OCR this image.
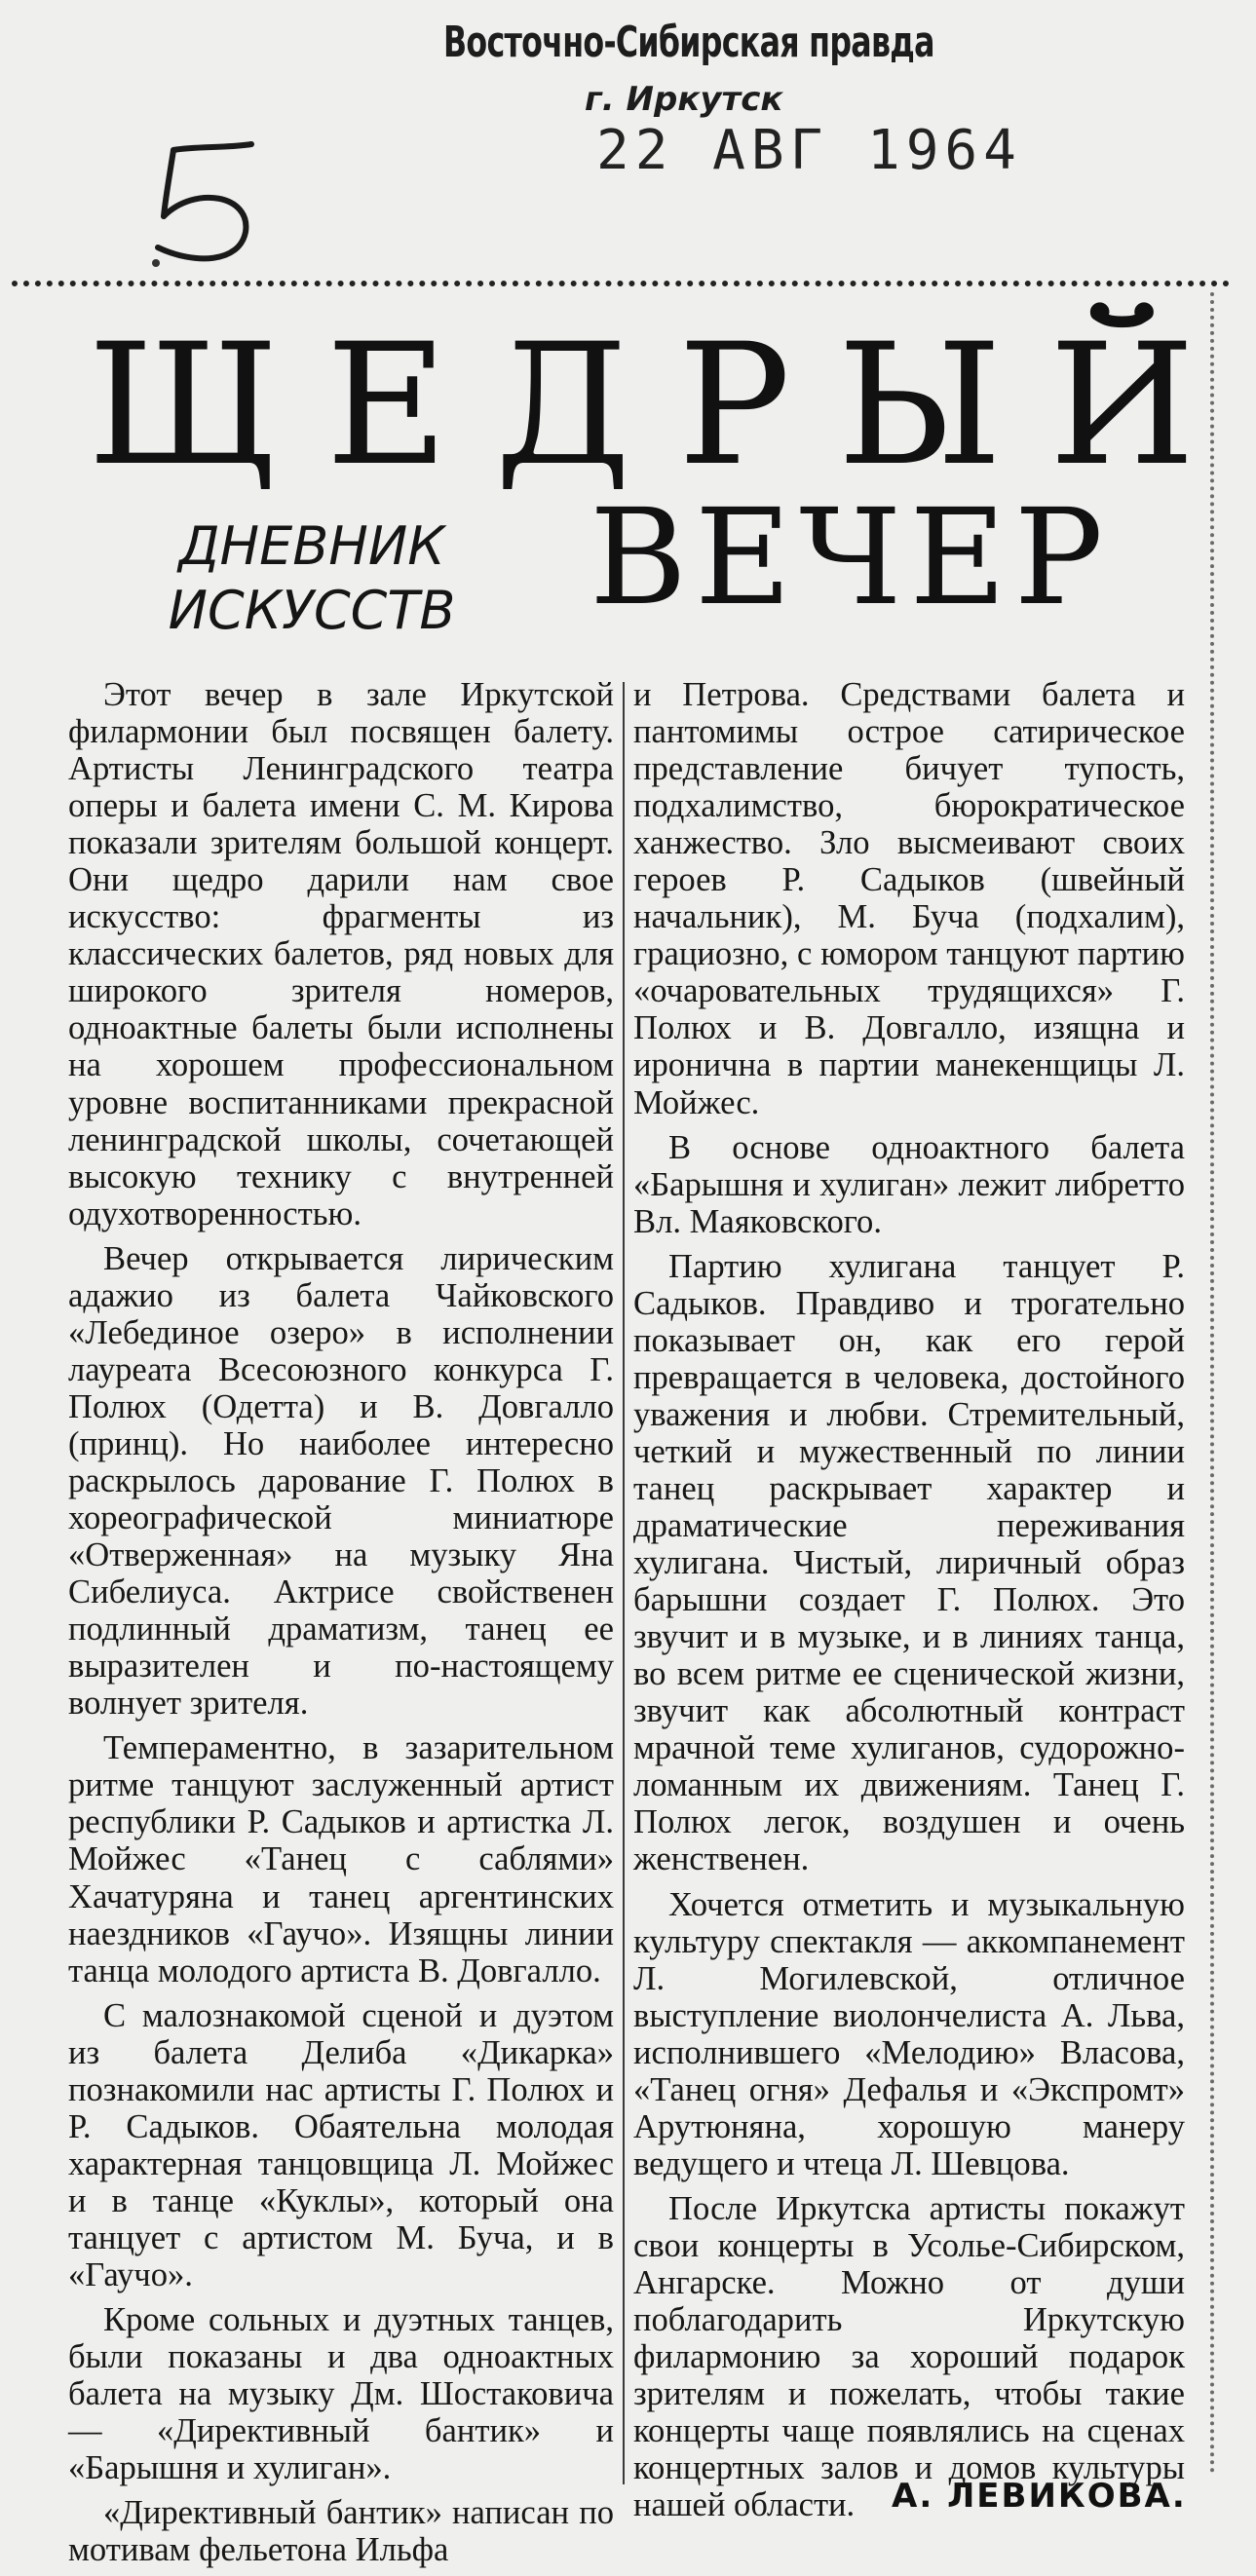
Восточно-Сибирская правда
г. Иркутск
22 АВГ 1964
ЩЕДРЫЙ
ДНЕВНИК
ИСКУССТВ ВЕЧЕР

Этот вечер в зале Иркутской филармонии был посвящен балету. Артисты Ленинградского театра оперы и балета имени С. М. Кирова показали зрителям большой концерт. Они щедро дарили нам свое искусство: фрагменты из классических балетов, ряд новых для широкого зрителя номеров, одноактные балеты были исполнены на хорошем профессиональном уровне воспитанниками прекрасной ленинградской школы, сочетающей высокую технику с внутренней одухотворенностью.

Вечер открывается лирическим адажио из балета Чайковского «Лебединое озеро» в исполнении лауреата Всесоюзного конкурса Г. Полюх (Одетта) и В. Довгалло (принц). Но наиболее интересно раскрылось дарование Г. Полюх в хореографической миниатюре «Отверженная» на музыку Яна Сибелиуса. Актрисе свойственен подлинный драматизм, танец ее выразителен и по-настоящему волнует зрителя.

Темпераментно, в зазарительном ритме танцуют заслуженный артист республики Р. Садыков и артистка Л. Мойжес «Танец с саблями» Хачатуряна и танец аргентинских наездников «Гаучо». Изящны линии танца молодого артиста В. Довгалло.

С малознакомой сценой и дуэтом из балета Делиба «Дикарка» познакомили нас артисты Г. Полюх и Р. Садыков. Обаятельна молодая характерная танцовщица Л. Мойжес и в танце «Куклы», который она танцует с артистом М. Буча, и в «Гаучо».

Кроме сольных и дуэтных танцев, были показаны и два одноактных балета на музыку Дм. Шостаковича — «Директивный бантик» и «Барышня и хулиган».

«Директивный бантик» написан по мотивам фельетона Ильфа

и Петрова. Средствами балета и пантомимы острое сатирическое представление бичует тупость, подхалимство, бюрократическое ханжество. Зло высмеивают своих героев Р. Садыков (швейный начальник), М. Буча (подхалим), грациозно, с юмором танцуют партию «очаровательных трудящихся» Г. Полюх и В. Довгалло, изящна и иронична в партии манекенщицы Л. Мойжес.

В основе одноактного балета «Барышня и хулиган» лежит либретто Вл. Маяковского.

Партию хулигана танцует Р. Садыков. Правдиво и трогательно показывает он, как его герой превращается в человека, достойного уважения и любви. Стремительный, четкий и мужественный по линии танец раскрывает характер и драматические переживания хулигана. Чистый, лиричный образ барышни создает Г. Полюх. Это звучит и в музыке, и в линиях танца, во всем ритме ее сценической жизни, звучит как абсолютный контраст мрачной теме хулиганов, судорожно-ломанным их движениям. Танец Г. Полюх легок, воздушен и очень женственен.

Хочется отметить и музыкальную культуру спектакля — аккомпанемент Л. Могилевской, отличное выступление виолончелиста А. Льва, исполнившего «Мелодию» Власова, «Танец огня» Дефалья и «Экспромт» Арутюняна, хорошую манеру ведущего и чтеца Л. Шевцова.

После Иркутска артисты покажут свои концерты в Усолье-Сибирском, Ангарске. Можно от души поблагодарить Иркутскую филармонию за хороший подарок зрителям и пожелать, чтобы такие концерты чаще появлялись на сценах концертных залов и домов культуры нашей области.	А. ЛЕВИКОВА.
